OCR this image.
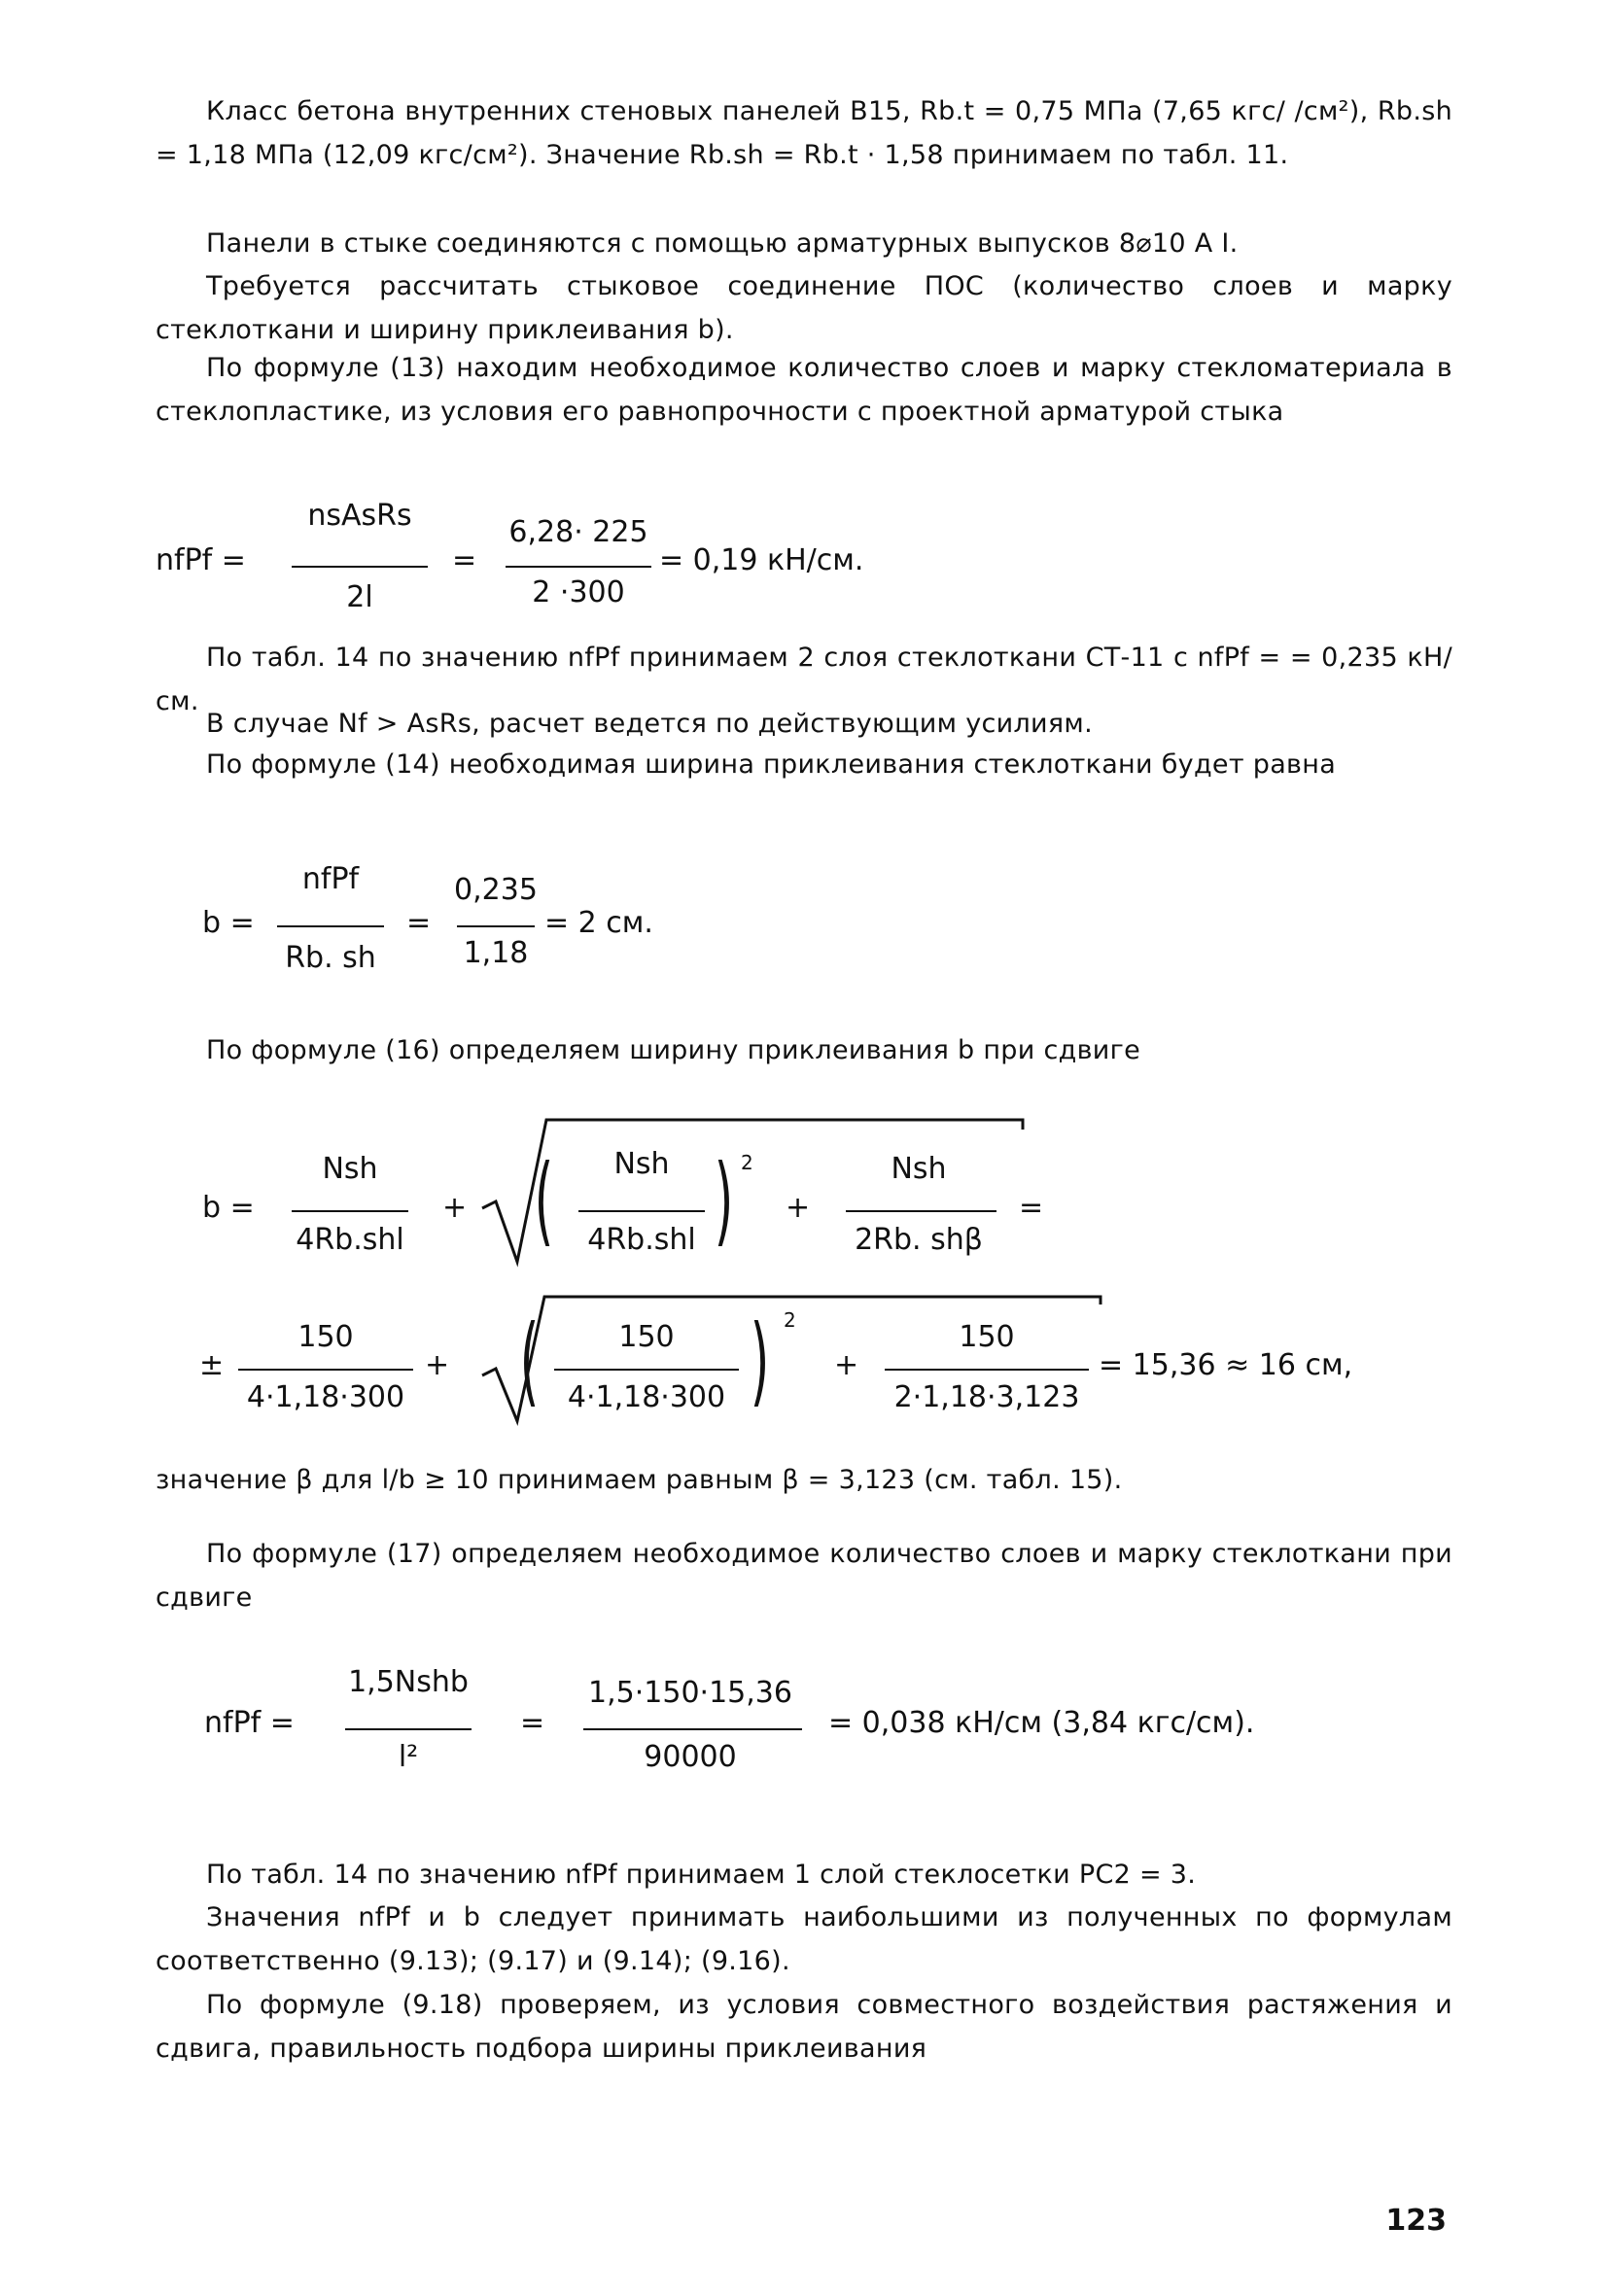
Класс бетона внутренних стеновых панелей В15, Rb.t = 0,75 МПа (7,65 кгс/ /см²), Rb.sh = 1,18 МПа (12,09 кгс/см²). Значение Rb.sh = Rb.t · 1,58 принимаем по табл. 11.

Панели в стыке соединяются с помощью арматурных выпусков 8⌀10 А I.

Требуется рассчитать стыковое соединение ПОС (количество слоев и марку стеклоткани и ширину приклеивания b).

По формуле (13) находим необходимое количество слоев и марку стекломатериала в стеклопластике, из условия его равнопрочности с проектной арматурой стыка

nfPf =
nsAsRs
2l
=
6,28· 225
2 ·300
= 0,19 кН/см.

По табл. 14 по значению nfPf принимаем 2 слоя стеклоткани СТ-11 с nfPf = = 0,235 кН/см.

В случае Nf > AsRs, расчет ведется по действующим усилиям.

По формуле (14) необходимая ширина приклеивания стеклоткани будет равна

b =
nfPf
Rb. sh
=
0,235
1,18
= 2 см.

По формуле (16) определяем ширину приклеивания b при сдвиге

b =
Nsh
4Rb.shl
+ (	Nsh
4Rb.shl ) 2
+
Nsh
2Rb. shβ
=
±
150
4·1,18·300
+ (	150
4·1,18·300 ) 2
+
150
2·1,18·3,123
= 15,36 ≈ 16 см,

значение β для l/b ≥ 10 принимаем равным β = 3,123 (см. табл. 15).

По формуле (17) определяем необходимое количество слоев и марку стеклоткани при сдвиге

nfPf =
1,5Nshb
l²
=
1,5·150·15,36
90000
= 0,038 кН/см (3,84 кгс/см).

По табл. 14 по значению nfPf принимаем 1 слой стеклосетки РС2 = 3.

Значения nfPf и b следует принимать наибольшими из полученных по формулам соответственно (9.13); (9.17) и (9.14); (9.16).

По формуле (9.18) проверяем, из условия совместного воздействия растяжения и сдвига, правильность подбора ширины приклеивания

123
